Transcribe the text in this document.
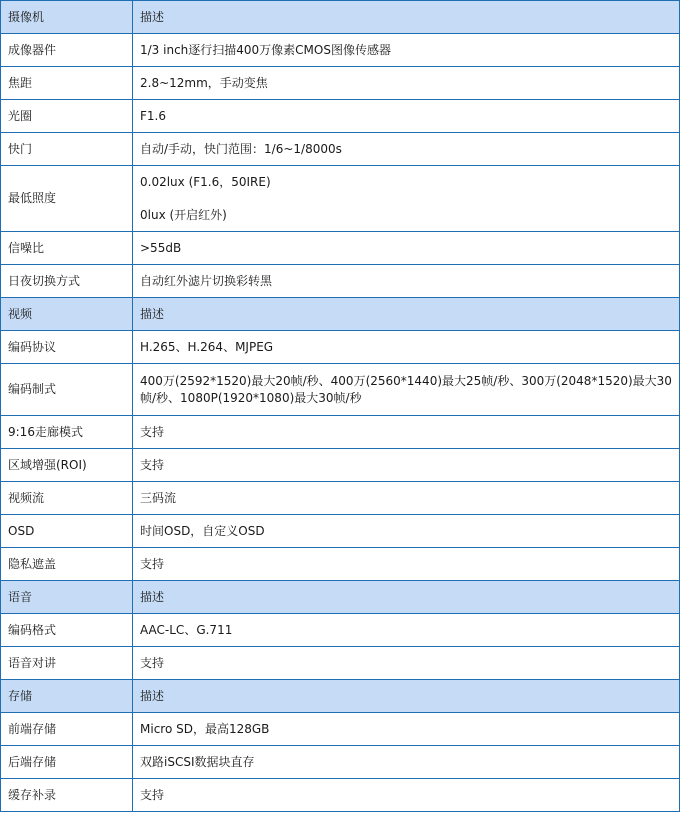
摄像机	描述
成像器件	1/3 inch逐行扫描400万像素CMOS图像传感器
焦距	2.8~12mm，手动变焦
光圈	F1.6
快门	自动/手动，快门范围：1/6~1/8000s
最低照度	0.02lux (F1.6，50IRE)
0lux (开启红外)

信噪比	>55dB
日夜切换方式	自动红外滤片切换彩转黑
视频	描述
编码协议	H.265、H.264、MJPEG
编码制式	400万(2592*1520)最大20帧/秒、400万(2560*1440)最大25帧/秒、300万(2048*1520)最大30帧/秒、1080P(1920*1080)最大30帧/秒
9:16走廊模式	支持
区域增强(ROI)	支持
视频流	三码流
OSD	时间OSD，自定义OSD
隐私遮盖	支持
语音	描述
编码格式	AAC-LC、G.711
语音对讲	支持
存储	描述
前端存储	Micro SD，最高128GB
后端存储	双路iSCSI数据块直存
缓存补录	支持
